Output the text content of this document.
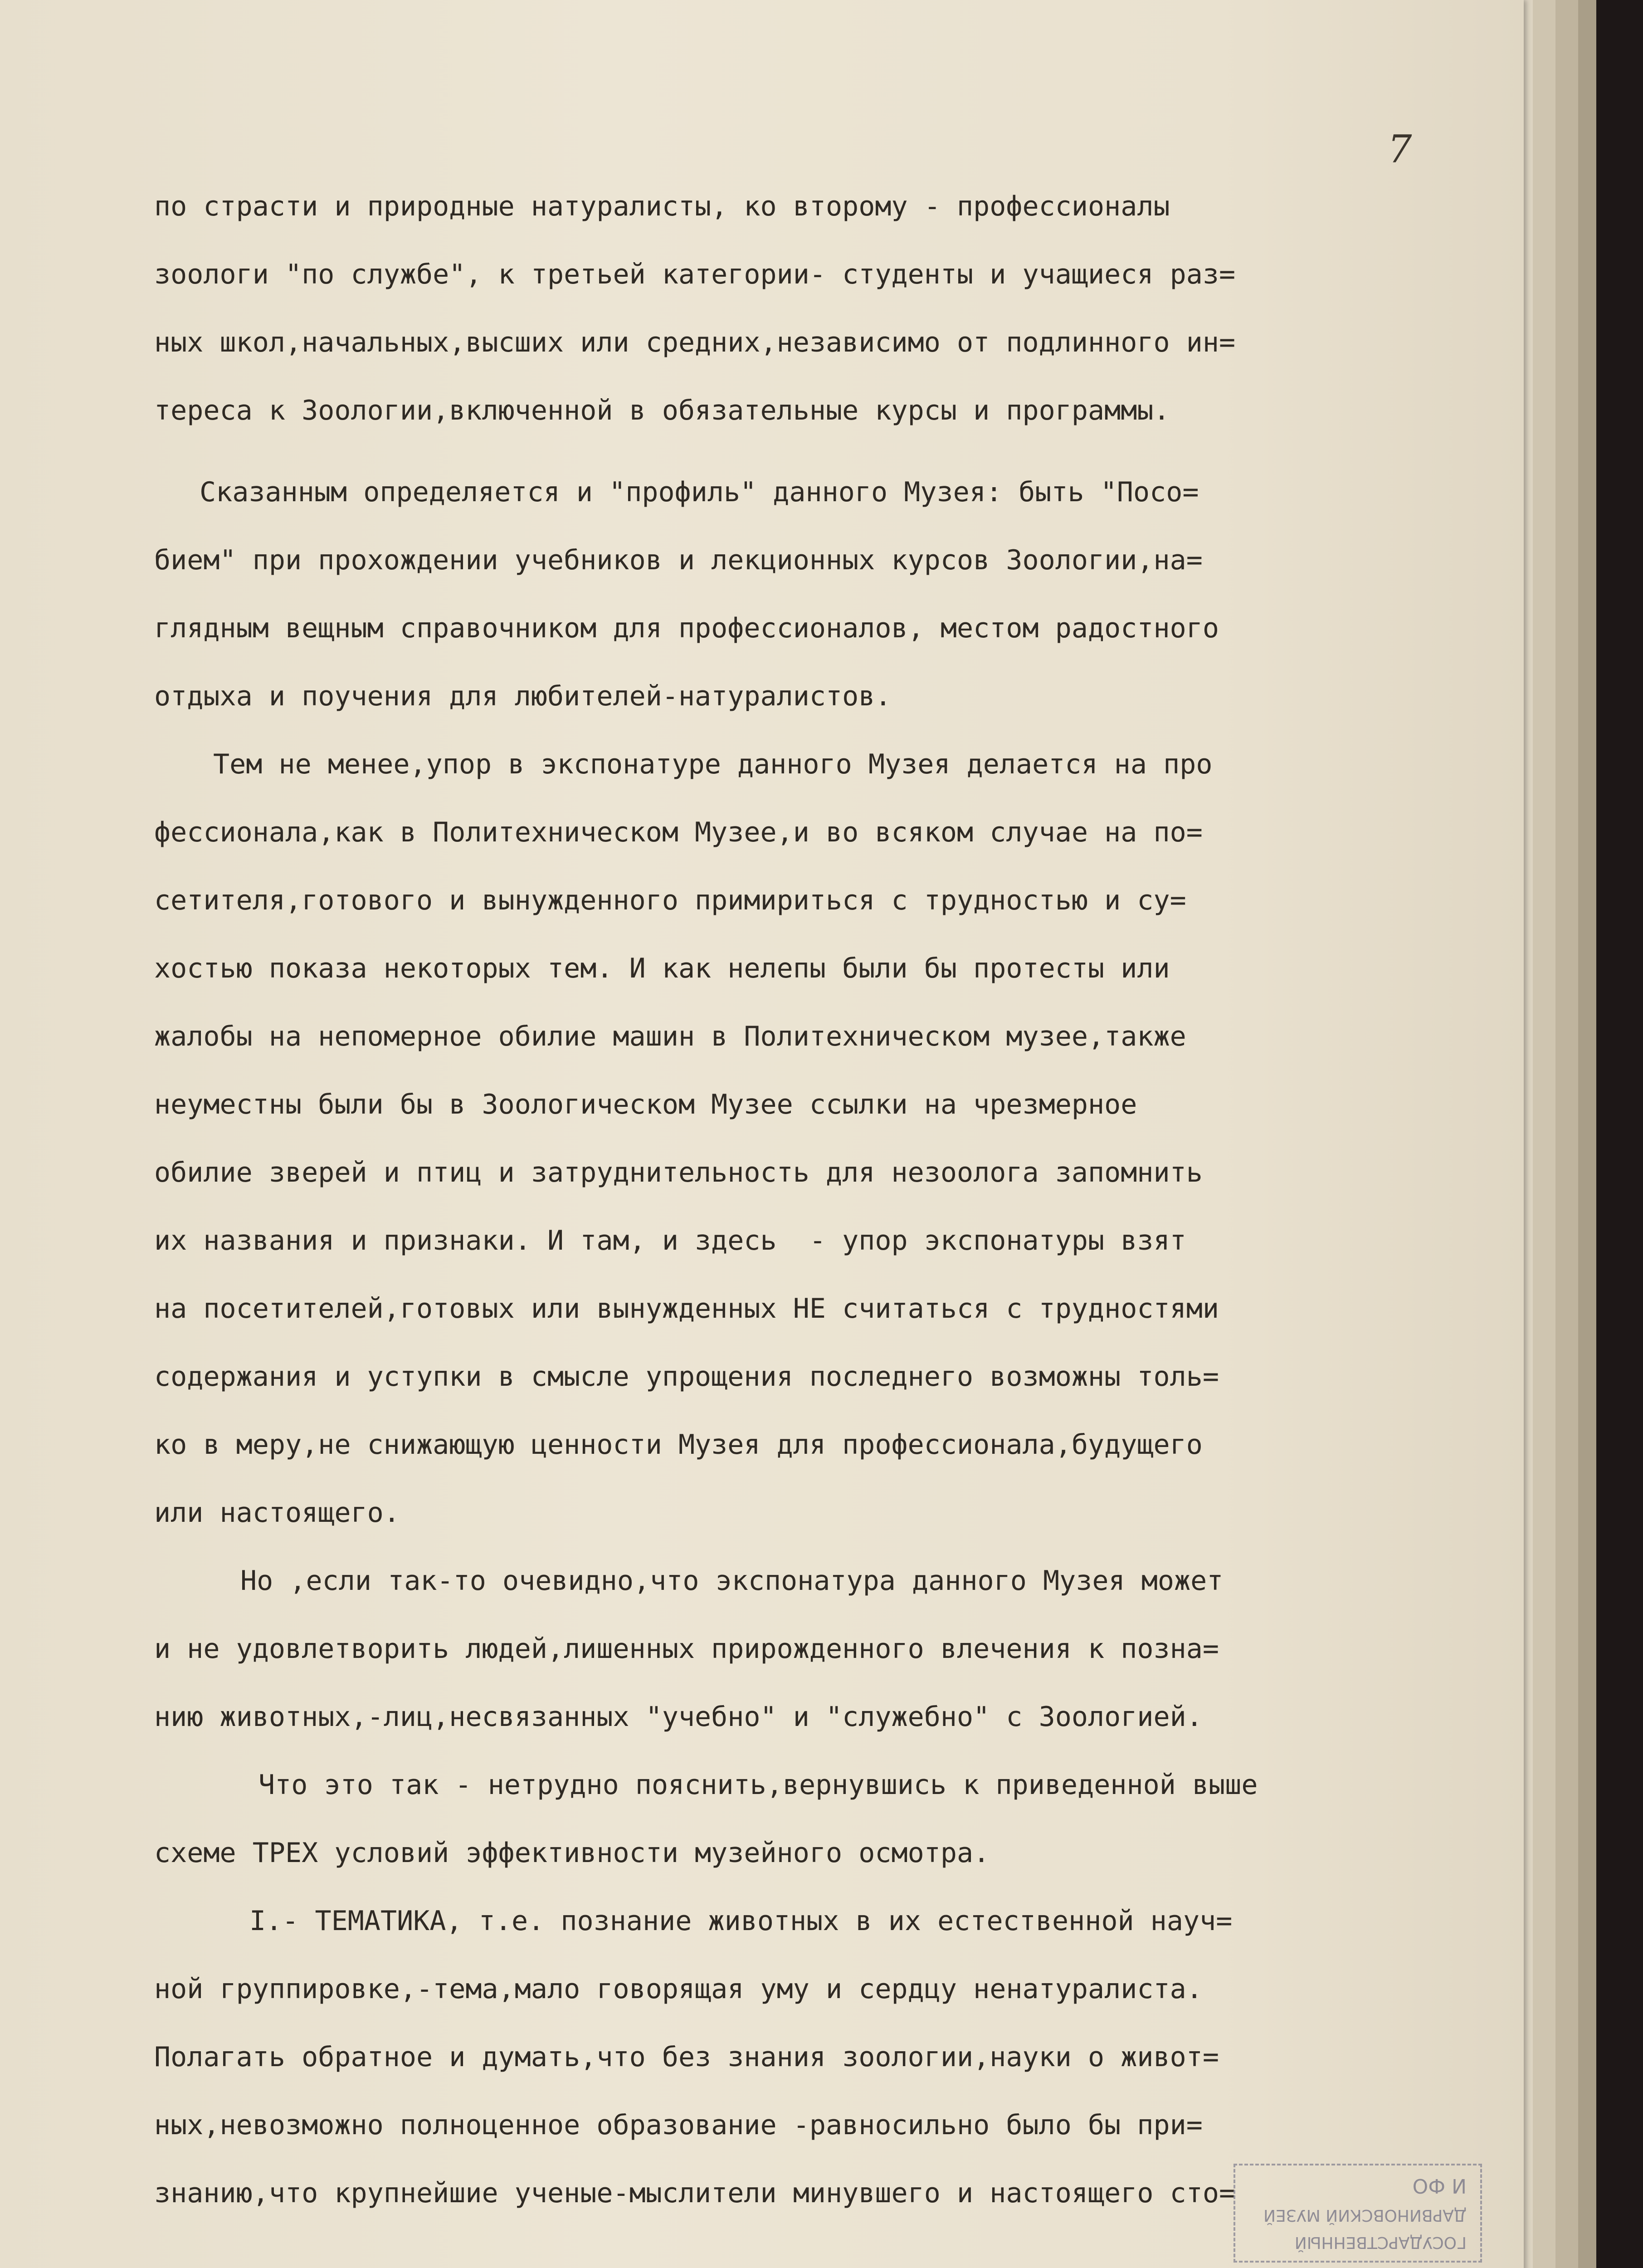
7
по страсти и природные натуралисты, ко второму - профессионалы
зоологи "по службе", к третьей категории- студенты и учащиеся раз=
ных школ,начальных,высших или средних,независимо от подлинного ин=
тереса к Зоологии,включенной в обязательные курсы и программы.
Сказанным определяется и "профиль" данного Музея: быть "Посо=
бием" при прохождении учебников и лекционных курсов Зоологии,на=
глядным вещным справочником для профессионалов, местом радостного
отдыха и поучения для любителей-натуралистов.
Тем не менее,упор в экспонатуре данного Музея делается на про
фессионала,как в Политехническом Музее,и во всяком случае на по=
сетителя,готового и вынужденного примириться с трудностью и су=
хостью показа некоторых тем. И как нелепы были бы протесты или
жалобы на непомерное обилие машин в Политехническом музее,также
неуместны были бы в Зоологическом Музее ссылки на чрезмерное
обилие зверей и птиц и затруднительность для незоолога запомнить
их названия и признаки. И там, и здесь  - упор экспонатуры взят
на посетителей,готовых или вынужденных НЕ считаться с трудностями
содержания и уступки в смысле упрощения последнего возможны толь=
ко в меру,не снижающую ценности Музея для профессионала,будущего
или настоящего.
Но ,если так-то очевидно,что экспонатура данного Музея может
и не удовлетворить людей,лишенных прирожденного влечения к позна=
нию животных,-лиц,несвязанных "учебно" и "служебно" с Зоологией.
Что это так - нетрудно пояснить,вернувшись к приведенной выше
схеме ТРЕХ условий эффективности музейного осмотра.
I.- ТЕМАТИКА, т.е. познание животных в их естественной науч=
ной группировке,-тема,мало говорящая уму и сердцу ненатуралиста.
Полагать обратное и думать,что без знания зоологии,науки о живот=
ных,невозможно полноценное образование -равносильно было бы при=
знанию,что крупнейшие ученые-мыслители минувшего и настоящего сто=
ГОСУДАРСТВЕННЫЙ
ДАРВИНОВСКИЙ МУЗЕЙ
И ФО
